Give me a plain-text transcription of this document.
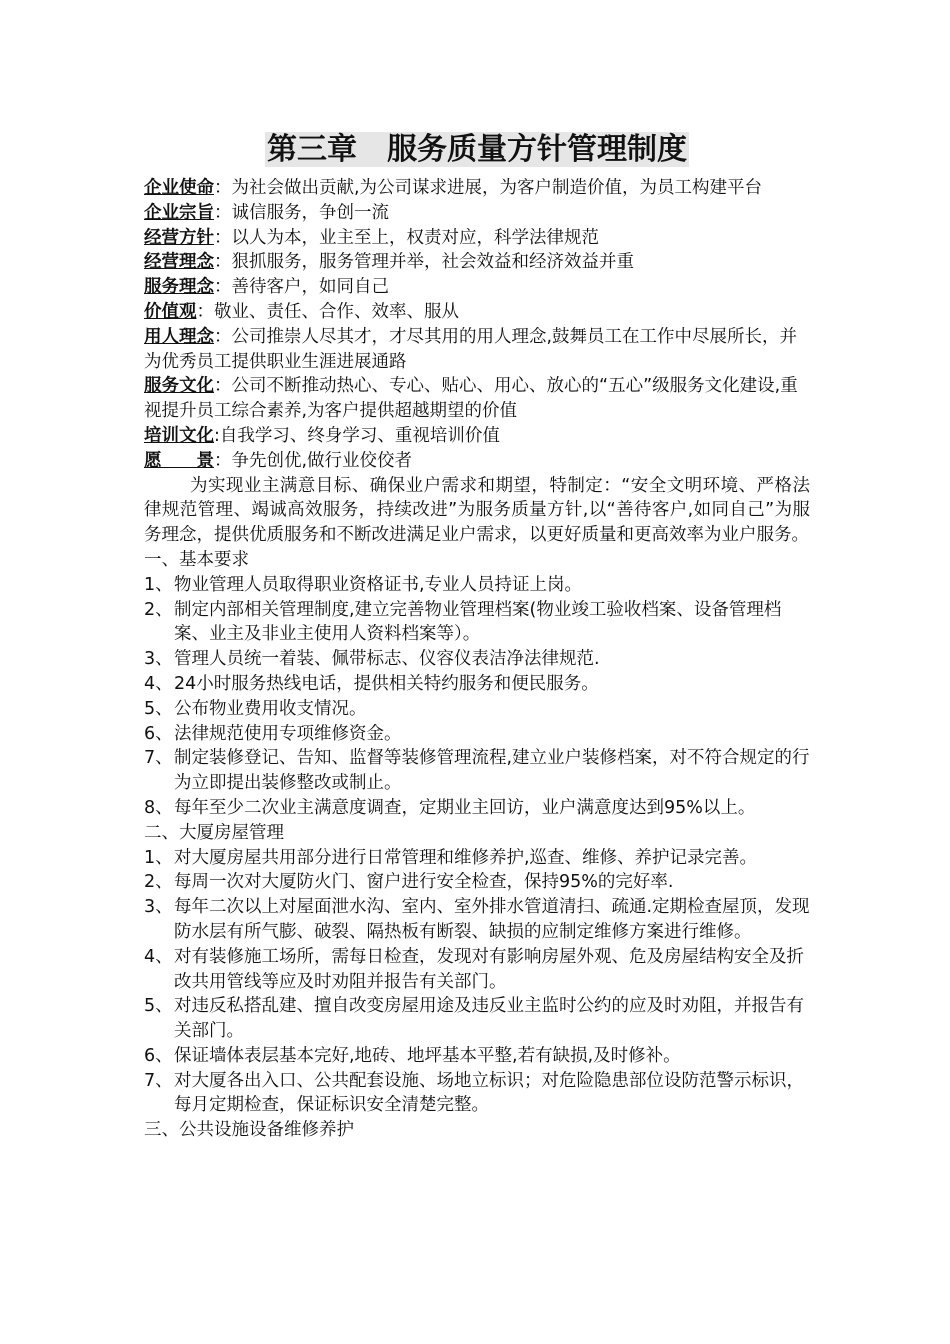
第三章　服务质量方针管理制度
企业使命：为社会做出贡献,为公司谋求进展，为客户制造价值，为员工构建平台
企业宗旨：诚信服务，争创一流
经营方针：以人为本，业主至上，权责对应，科学法律规范
经营理念：狠抓服务，服务管理并举，社会效益和经济效益并重
服务理念：善待客户，如同自己
价值观：敬业、责任、合作、效率、服从
用人理念：公司推崇人尽其才，才尽其用的用人理念,鼓舞员工在工作中尽展所长，并为优秀员工提供职业生涯进展通路
服务文化：公司不断推动热心、专心、贴心、用心、放心的“五心”级服务文化建设,重视提升员工综合素养,为客户提供超越期望的价值
培训文化:自我学习、终身学习、重视培训价值
愿　　景：争先创优,做行业佼佼者
为实现业主满意目标、确保业户需求和期望，特制定：“安全文明环境、严格法律规范管理、竭诚高效服务，持续改进”为服务质量方针,以“善待客户,如同自己”为服务理念，提供优质服务和不断改进满足业户需求，以更好质量和更高效率为业户服务。
一、基本要求
1、物业管理人员取得职业资格证书,专业人员持证上岗。
2、制定内部相关管理制度,建立完善物业管理档案(物业竣工验收档案、设备管理档案、业主及非业主使用人资料档案等）。
3、管理人员统一着装、佩带标志、仪容仪表洁净法律规范.
4、24小时服务热线电话，提供相关特约服务和便民服务。
5、公布物业费用收支情况。
6、法律规范使用专项维修资金。
7、制定装修登记、告知、监督等装修管理流程,建立业户装修档案，对不符合规定的行为立即提出装修整改或制止。
8、每年至少二次业主满意度调查，定期业主回访，业户满意度达到95%以上。
二、大厦房屋管理
1、对大厦房屋共用部分进行日常管理和维修养护,巡查、维修、养护记录完善。
2、每周一次对大厦防火门、窗户进行安全检查，保持95%的完好率.
3、每年二次以上对屋面泄水沟、室内、室外排水管道清扫、疏通.定期检查屋顶，发现防水层有所气膨、破裂、隔热板有断裂、缺损的应制定维修方案进行维修。
4、对有装修施工场所，需每日检查，发现对有影响房屋外观、危及房屋结构安全及折改共用管线等应及时劝阻并报告有关部门。
5、对违反私搭乱建、擅自改变房屋用途及违反业主监时公约的应及时劝阻，并报告有关部门。
6、保证墙体表层基本完好,地砖、地坪基本平整,若有缺损,及时修补。
7、对大厦各出入口、公共配套设施、场地立标识；对危险隐患部位设防范警示标识，每月定期检查，保证标识安全清楚完整。
三、公共设施设备维修养护
